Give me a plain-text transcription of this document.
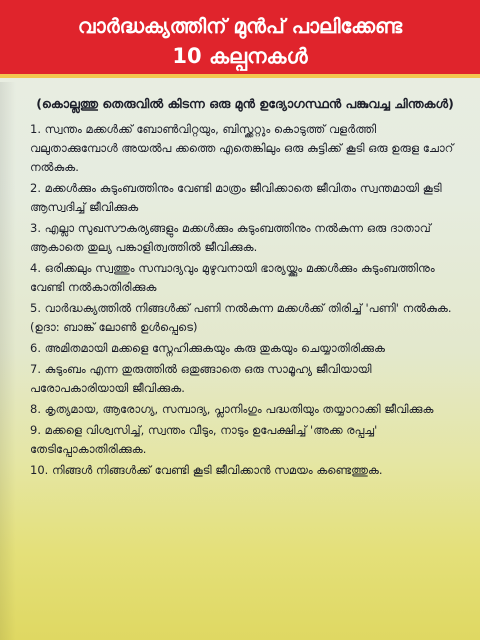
വാർദ്ധക്യത്തിന് മുൻപ് പാലിക്കേണ്ട
10 കല്പനകൾ
(കൊല്ലത്തു തെരുവിൽ കിടന്ന ഒരു മുൻ ഉദ്യോഗസ്ഥൻ പങ്കുവച്ച ചിന്തകൾ)
1. സ്വന്തം മക്കൾക്ക് ബോൺവിറ്റയും, ബിസ്ക്കറ്റും കൊടുത്ത് വളർത്തി വലുതാക്കുമ്പോൾ അയൽപ ക്കത്തെ എതെങ്കിലും ഒരു കുട്ടിക്ക് കൂടി ഒരു ഉരുള ചോറ് നൽകുക.
2. മക്കൾക്കും കുടുംബത്തിനും വേണ്ടി മാത്രം ജീവിക്കാതെ ജീവിതം സ്വന്തമായി കൂടി ആസ്വദിച്ച് ജീവിക്കുക
3. എല്ലാ സുഖസൗകര്യങ്ങളും മക്കൾക്കും കുടുംബത്തിനും നൽകുന്ന ഒരു ദാതാവ് ആകാതെ തുല്യ പങ്കാളിത്വത്തിൽ ജീവിക്കുക.
4. ഒരിക്കലും സ്വത്തും സമ്പാദ്യവും മുഴുവനായി ഭാര്യയ്ക്കും മക്കൾക്കും കുടുംബത്തിനും വേണ്ടി നൽകാതിരിക്കുക
5. വാർദ്ധക്യത്തിൽ നിങ്ങൾക്ക് പണി നൽകുന്ന മക്കൾക്ക് തിരിച്ച് 'പണി' നൽകുക. (ഉദാ: ബാങ്ക് ലോൺ ഉൾപ്പെടെ)
6. അമിതമായി മക്കളെ സ്നേഹിക്കുകയും കരു തുകയും ചെയ്യാതിരിക്കുക
7. കുടുംബം എന്ന തുരുത്തിൽ ഒതുങ്ങാതെ ഒരു സാമൂഹ്യ ജീവിയായി പരോപകാരിയായി ജീവിക്കുക.
8. കൃത്യമായ, ആരോഗ്യ, സമ്പാദ്യ, പ്ലാനിംഗും പദ്ധതിയും തയ്യാറാക്കി ജീവിക്കുക
9. മക്കളെ വിശ്വസിച്ച്, സ്വന്തം വീടും, നാടും ഉപേക്ഷിച്ച് 'അക്ക രപ്പച്ച' തേടിപ്പോകാതിരിക്കുക.
10. നിങ്ങൾ നിങ്ങൾക്ക് വേണ്ടി കൂടി ജീവിക്കാൻ സമയം കണ്ടെത്തുക.
